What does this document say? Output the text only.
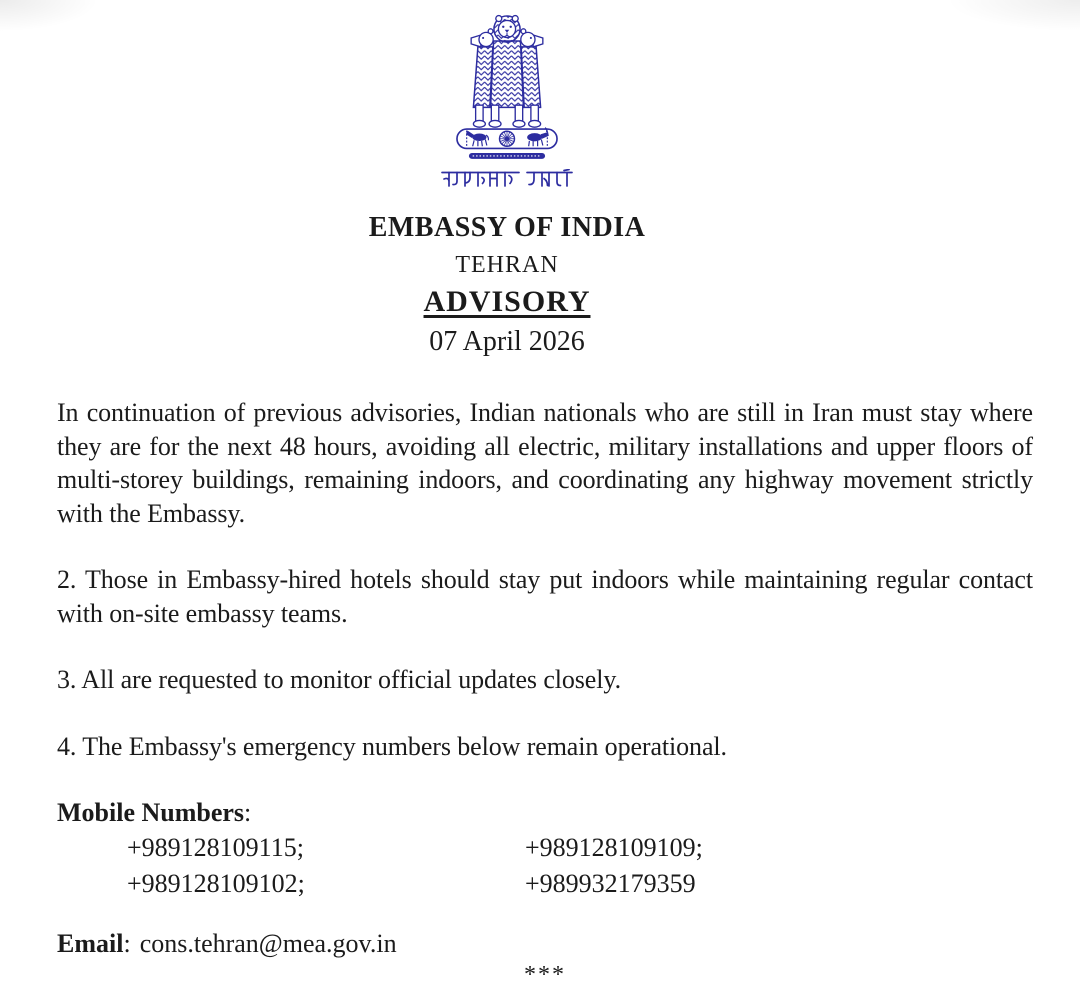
EMBASSY OF INDIA
TEHRAN
ADVISORY
07 April 2026

In continuation of previous advisories, Indian nationals who are still in Iran must stay where they are for the next 48 hours, avoiding all electric, military installations and upper floors of multi-storey buildings, remaining indoors, and coordinating any highway movement strictly with the Embassy.

2. Those in Embassy-hired hotels should stay put indoors while maintaining regular contact with on-site embassy teams.

3. All are requested to monitor official updates closely.

4. The Embassy's emergency numbers below remain operational.

Mobile Numbers:
+989128109115;	+989128109109;
+989128109102;	+989932179359
Email: cons.tehran@mea.gov.in
***
